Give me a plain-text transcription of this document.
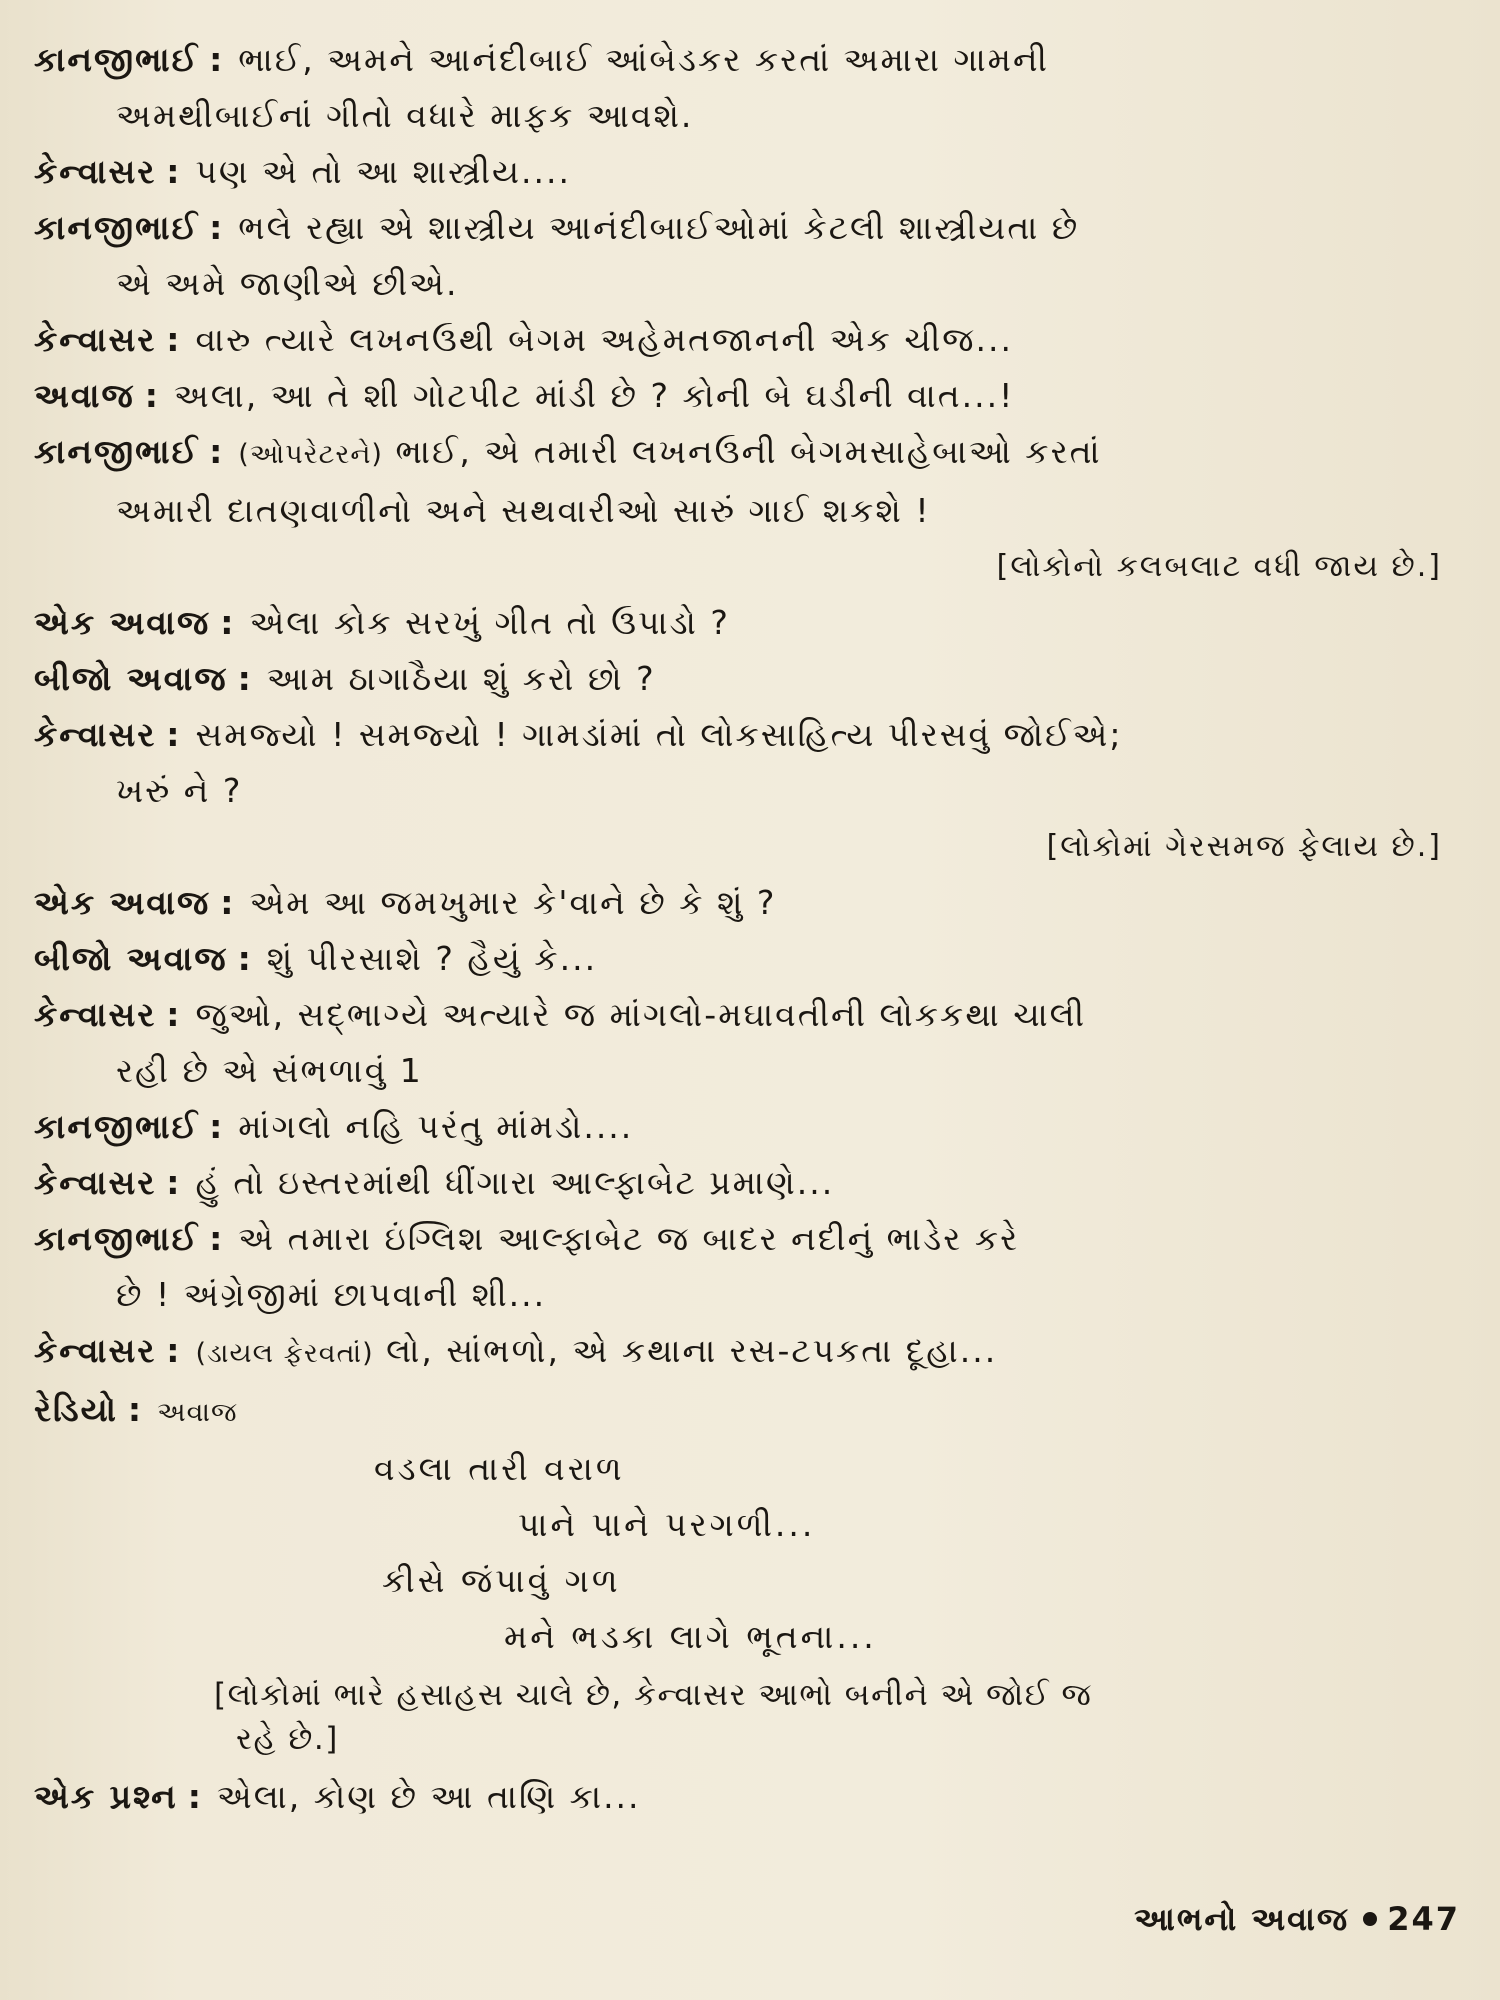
કાનજીભાઈ : ભાઈ, અમને આનંદીબાઈ આંબેડકર કરતાં અમારા ગામની
અમથીબાઈનાં ગીતો વધારે માફક આવશે.
કેન્વાસર : પણ એ તો આ શાસ્ત્રીય....
કાનજીભાઈ : ભલે રહ્યા એ શાસ્ત્રીય આનંદીબાઈઓમાં કેટલી શાસ્ત્રીયતા છે
એ અમે જાણીએ છીએ.
કેન્વાસર : વારુ ત્યારે લખનઉથી બેગમ અહેમતજાનની એક ચીજ...
અવાજ : અલા, આ તે શી ગોટપીટ માંડી છે ? કોની બે ઘડીની વાત...!
કાનજીભાઈ : (ઓપરેટરને) ભાઈ, એ તમારી લખનઉની બેગમસાહેબાઓ કરતાં
અમારી દાતણવાળીનો અને સથવારીઓ સારું ગાઈ શકશે !
[લોકોનો કલબલાટ વધી જાય છે.]
એક અવાજ : એલા કોક સરખું ગીત તો ઉપાડો ?
બીજો અવાજ : આમ ઠાગાઠૈયા શું કરો છો ?
કેન્વાસર : સમજ્યો ! સમજ્યો ! ગામડાંમાં તો લોકસાહિત્ય પીરસવું જોઈએ;
ખરું ને ?
[લોકોમાં ગેરસમજ ફેલાય છે.]
એક અવાજ : એમ આ જમખુમાર કે'વાને છે કે શું ?
બીજો અવાજ : શું પીરસાશે ? હૈયું કે...
કેન્વાસર : જુઓ, સદ્ભાગ્યે અત્યારે જ માંગલો-મઘાવતીની લોકકથા ચાલી
રહી છે એ સંભળાવું 1
કાનજીભાઈ : માંગલો નહિ પરંતુ માંમડો....
કેન્વાસર : હું તો ઇસ્તરમાંથી ધીંગારા આલ્ફાબેટ પ્રમાણે...
કાનજીભાઈ : એ તમારા ઇંગ્લિશ આલ્ફાબેટ જ બાદર નદીનું ભાડેર કરે
છે ! અંગ્રેજીમાં છાપવાની શી...
કેન્વાસર : (ડાયલ ફેરવતાં) લો, સાંભળો, એ કથાના રસ-ટપકતા દૂહા...
રેડિયો : અવાજ
વડલા તારી વરાળ
પાને પાને પરગળી...
કીસે જંપાવું ગળ
મને ભડકા લાગે ભૂતના...
[લોકોમાં ભારે હસાહસ ચાલે છે, કેન્વાસર આભો બનીને એ જોઈ જ
રહે છે.]
એક પ્રશ્ન : એલા, કોણ છે આ તાણિ કા...
આભનો અવાજ 247
